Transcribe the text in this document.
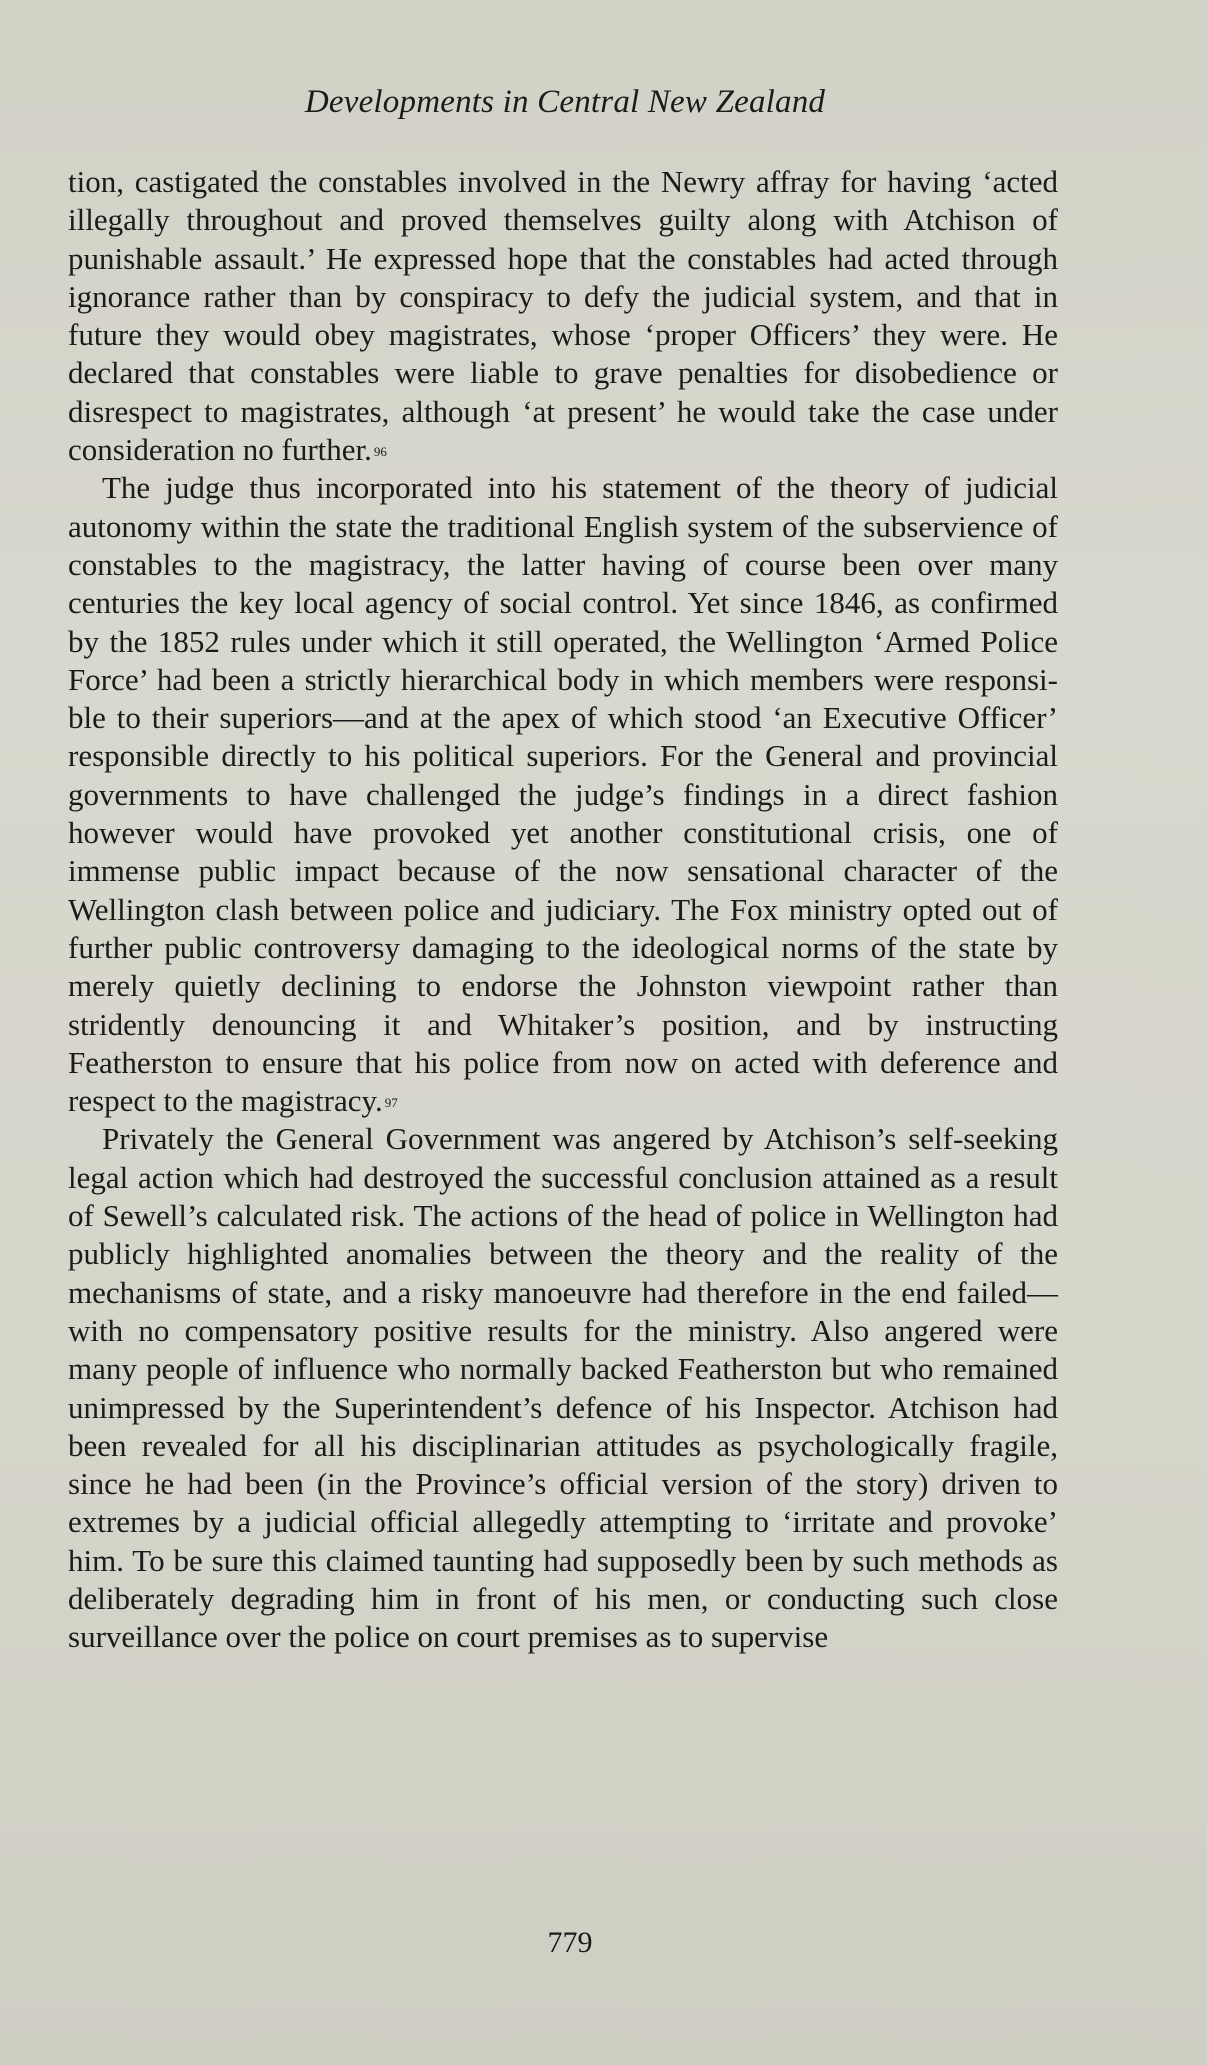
Developments in Central New Zealand

tion, castigated the constables involved in the Newry affray for having ‘acted illegally throughout and proved themselves guilty along with Atchison of punishable assault.’ He expressed hope that the constables had acted through ignorance rather than by conspiracy to defy the judicial system, and that in future they would obey magistrates, whose ‘proper Officers’ they were. He declared that constables were liable to grave penalties for disobedience or disrespect to magistrates, although ‘at present’ he would take the case under consideration no further. $^{96}$

The judge thus incorporated into his statement of the theory of judicial autonomy within the state the traditional English system of the subservience of constables to the magistracy, the latter having of course been over many centuries the key local agency of social control. Yet since 1846, as confirmed by the 1852 rules under which it still operated, the Wellington ‘Armed Police Force’ had been a strictly hierarchical body in which members were responsible to their superiors—and at the apex of which stood ‘an Executive Officer’ responsible directly to his political superiors. For the General and provincial governments to have challenged the judge’s findings in a direct fashion however would have provoked yet another constitutional crisis, one of immense public impact because of the now sensational character of the Wellington clash between police and judiciary. The Fox ministry opted out of further public controversy damaging to the ideological norms of the state by merely quietly declining to endorse the Johnston viewpoint rather than stridently denouncing it and Whitaker’s position, and by instructing Featherston to ensure that his police from now on acted with deference and respect to the magistracy. $^{97}$

Privately the General Government was angered by Atchison’s self-seeking legal action which had destroyed the successful conclusion attained as a result of Sewell’s calculated risk. The actions of the head of police in Wellington had publicly highlighted anomalies between the theory and the reality of the mechanisms of state, and a risky manoeuvre had therefore in the end failed—with no compensatory positive results for the ministry. Also angered were many people of influence who normally backed Featherston but who remained unimpressed by the Superintendent’s defence of his Inspector. Atchison had been revealed for all his disciplinarian attitudes as psychologically fragile, since he had been (in the Province’s official version of the story) driven to extremes by a judicial official allegedly attempting to ‘irritate and provoke’ him. To be sure this claimed taunting had supposedly been by such methods as deliberately degrading him in front of his men, or conducting such close surveillance over the police on court premises as to supervise

779
